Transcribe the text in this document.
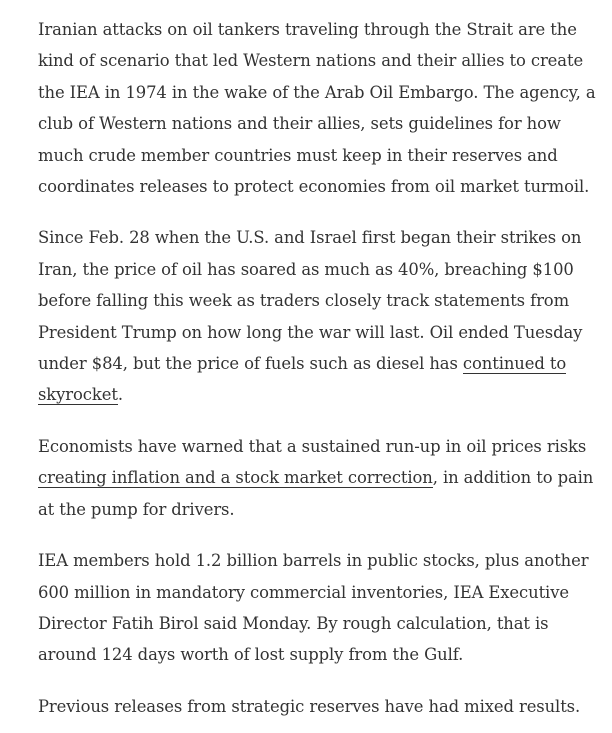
Iranian attacks on oil tankers traveling through the Strait are the kind of scenario that led Western nations and their allies to create the IEA in 1974 in the wake of the Arab Oil Embargo. The agency, a club of Western nations and their allies, sets guidelines for how much crude member countries must keep in their reserves and coordinates releases to protect economies from oil market turmoil.

Since Feb. 28 when the U.S. and Israel first began their strikes on Iran, the price of oil has soared as much as 40%, breaching $100 before falling this week as traders closely track statements from President Trump on how long the war will last. Oil ended Tuesday under $84, but the price of fuels such as diesel has continued to skyrocket.

Economists have warned that a sustained run-up in oil prices risks creating inflation and a stock market correction, in addition to pain at the pump for drivers.

IEA members hold 1.2 billion barrels in public stocks, plus another 600 million in mandatory commercial inventories, IEA Executive Director Fatih Birol said Monday. By rough calculation, that is around 124 days worth of lost supply from the Gulf.

Previous releases from strategic reserves have had mixed results.
